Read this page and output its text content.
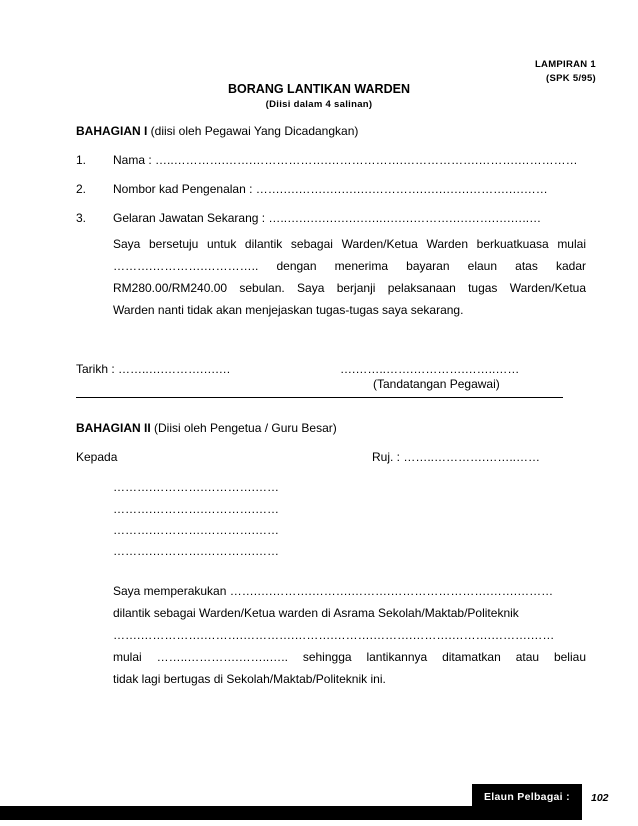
LAMPIRAN 1
(SPK 5/95)
BORANG LANTIKAN WARDEN
(Diisi dalam 4 salinan)
BAHAGIAN I (diisi oleh Pegawai Yang Dicadangkan)
1. Nama : …..………….…….……………….……………….……………….……….……………
2. Nombor kad Pengenalan : …….….…….….….….………….….….….……….….……
3. Gelaran Jawatan Sekarang : …..….….….….….…..….….……….….…….….…..…

Saya bersetuju untuk dilantik sebagai Warden/Ketua Warden berkuatkuasa mulai

……….………….………….. dengan menerima bayaran elaun atas kadar

RM280.00/RM240.00 sebulan. Saya berjanji pelaksanaan tugas Warden/Ketua

Warden nanti tidak akan menjejaskan tugas-tugas saya sekarang.

Tarikh : ……..….……….….…	….……..…….………….……..……
(Tandatangan Pegawai)
BAHAGIAN II (Diisi oleh Pengetua / Guru Besar)
Kepada	Ruj. : ……..………….……..……
……….………….………….……
……….………….………….……
……….………….………….……
……….………….………….……

Saya memperakukan …….….……….……….……….…………………….…….………

dilantik sebagai Warden/Ketua warden di Asrama Sekolah/Maktab/Politeknik

…….…………….……….………….……….……….……….……….……….……….……

mulai ……..………….……..….. sehingga lantikannya ditamatkan atau beliau

tidak lagi bertugas di Sekolah/Maktab/Politeknik ini.

Elaun Pelbagai : 102
